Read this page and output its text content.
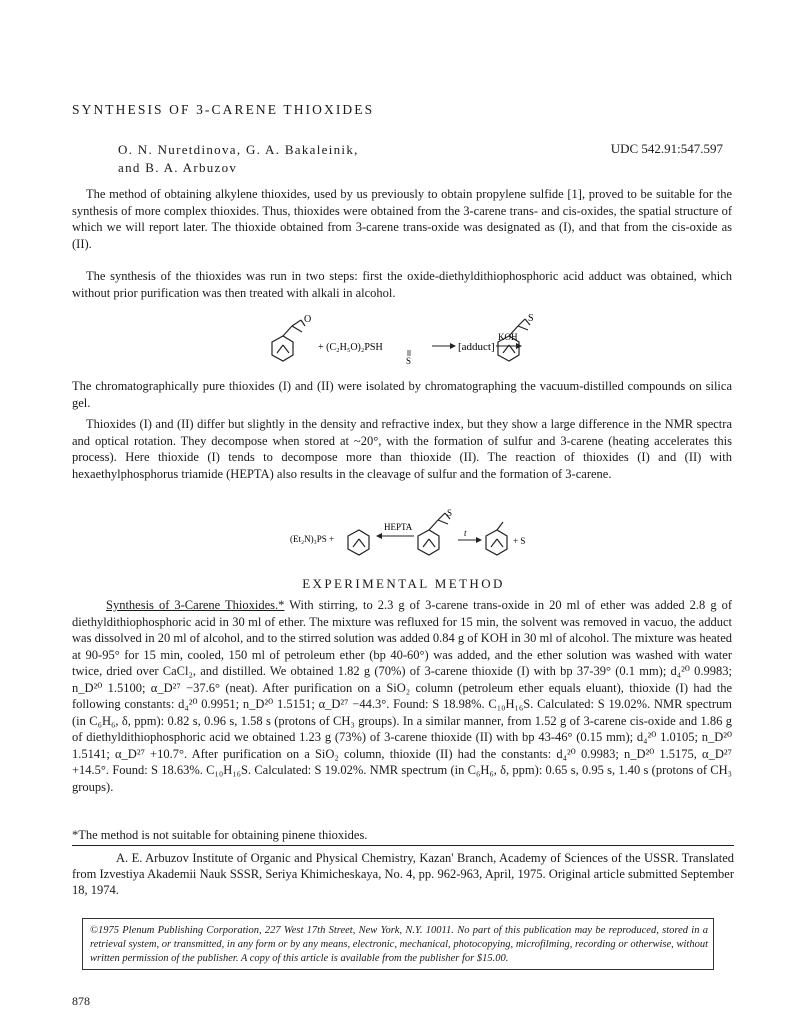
SYNTHESIS OF 3-CARENE THIOXIDES
O. N. Nuretdinova, G. A. Bakaleinik,
and B. A. Arbuzov
UDC 542.91:547.597
The method of obtaining alkylene thioxides, used by us previously to obtain propylene sulfide [1], proved to be suitable for the synthesis of more complex thioxides. Thus, thioxides were obtained from the 3-carene trans- and cis-oxides, the spatial structure of which we will report later. The thioxide obtained from 3-carene trans-oxide was designated as (I), and that from the cis-oxide as (II).
The synthesis of the thioxides was run in two steps: first the oxide-diethyldithiophosphoric acid adduct was obtained, which without prior purification was then treated with alkali in alcohol.
O
+ (C₂H₅O)₂PSH
S
[adduct]
KOH
S
The chromatographically pure thioxides (I) and (II) were isolated by chromatographing the vacuum-distilled compounds on silica gel.
Thioxides (I) and (II) differ but slightly in the density and refractive index, but they show a large difference in the NMR spectra and optical rotation. They decompose when stored at ~20°, with the formation of sulfur and 3-carene (heating accelerates this process). Here thioxide (I) tends to decompose more than thioxide (II). The reaction of thioxides (I) and (II) with hexaethylphosphorus triamide (HEPTA) also results in the cleavage of sulfur and the formation of 3-carene.
(Et₂N)₃PS +
HEPTA
S
t
+ S
EXPERIMENTAL METHOD
Synthesis of 3-Carene Thioxides.* With stirring, to 2.3 g of 3-carene trans-oxide in 20 ml of ether was added 2.8 g of diethyldithiophosphoric acid in 30 ml of ether. The mixture was refluxed for 15 min, the solvent was removed in vacuo, the adduct was dissolved in 20 ml of alcohol, and to the stirred solution was added 0.84 g of KOH in 30 ml of alcohol. The mixture was heated at 90-95° for 15 min, cooled, 150 ml of petroleum ether (bp 40-60°) was added, and the ether solution was washed with water twice, dried over CaCl₂, and distilled. We obtained 1.82 g (70%) of 3-carene thioxide (I) with bp 37-39° (0.1 mm); d₄²⁰ 0.9983; n_D²⁰ 1.5100; α_D²⁷ −37.6° (neat). After purification on a SiO₂ column (petroleum ether equals eluant), thioxide (I) had the following constants: d₄²⁰ 0.9951; n_D²⁰ 1.5151; α_D²⁷ −44.3°. Found: S 18.98%. C₁₀H₁₆S. Calculated: S 19.02%. NMR spectrum (in C₆H₆, δ, ppm): 0.82 s, 0.96 s, 1.58 s (protons of CH₃ groups). In a similar manner, from 1.52 g of 3-carene cis-oxide and 1.86 g of diethyldithiophosphoric acid we obtained 1.23 g (73%) of 3-carene thioxide (II) with bp 43-46° (0.15 mm); d₄²⁰ 1.0105; n_D²⁰ 1.5141; α_D²⁷ +10.7°. After purification on a SiO₂ column, thioxide (II) had the constants: d₄²⁰ 0.9983; n_D²⁰ 1.5175, α_D²⁷ +14.5°. Found: S 18.63%. C₁₀H₁₆S. Calculated: S 19.02%. NMR spectrum (in C₆H₆, δ, ppm): 0.65 s, 0.95 s, 1.40 s (protons of CH₃ groups).
*The method is not suitable for obtaining pinene thioxides.
A. E. Arbuzov Institute of Organic and Physical Chemistry, Kazan' Branch, Academy of Sciences of the USSR. Translated from Izvestiya Akademii Nauk SSSR, Seriya Khimicheskaya, No. 4, pp. 962-963, April, 1975. Original article submitted September 18, 1974.
©1975 Plenum Publishing Corporation, 227 West 17th Street, New York, N.Y. 10011. No part of this publication may be reproduced, stored in a retrieval system, or transmitted, in any form or by any means, electronic, mechanical, photocopying, microfilming, recording or otherwise, without written permission of the publisher. A copy of this article is available from the publisher for $15.00.
878
